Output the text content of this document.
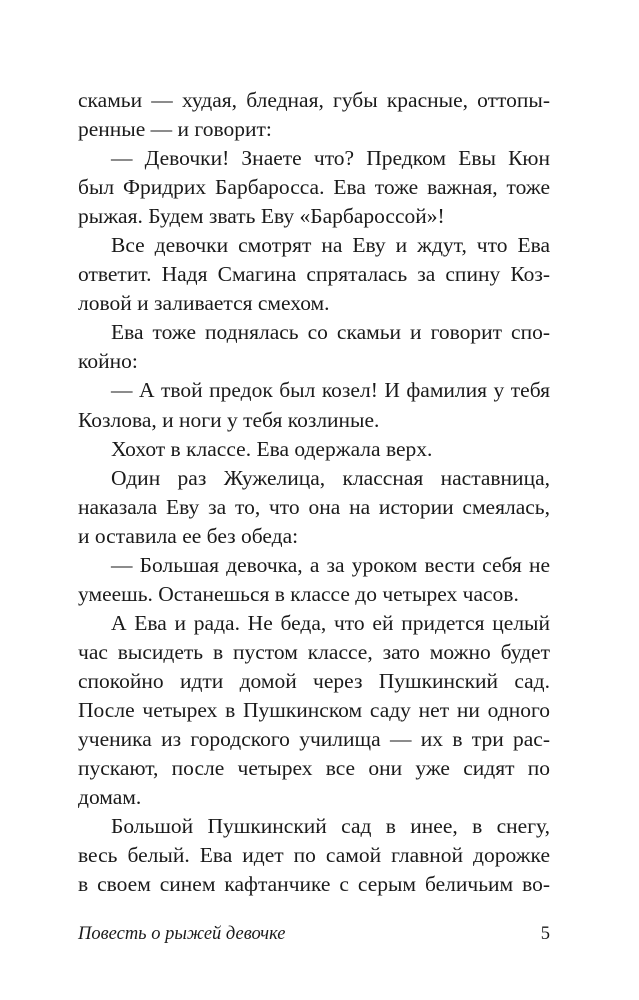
скамьи — худая, бледная, губы красные, оттопы-
ренные — и говорит:
— Девочки! Знаете что? Предком Евы Кюн
был Фридрих Барбаросса. Ева тоже важная, тоже
рыжая. Будем звать Еву «Барбароссой»!
Все девочки смотрят на Еву и ждут, что Ева
ответит. Надя Смагина спряталась за спину Коз-
ловой и заливается смехом.
Ева тоже поднялась со скамьи и говорит спо-
койно:
— А твой предок был козел! И фамилия у тебя
Козлова, и ноги у тебя козлиные.
Хохот в классе. Ева одержала верх.
Один раз Жужелица, классная наставница,
наказала Еву за то, что она на истории смеялась,
и оставила ее без обеда:
— Большая девочка, а за уроком вести себя не
умеешь. Останешься в классе до четырех часов.
А Ева и рада. Не беда, что ей придется целый
час высидеть в пустом классе, зато можно будет
спокойно идти домой через Пушкинский сад.
После четырех в Пушкинском саду нет ни одного
ученика из городского училища — их в три рас-
пускают, после четырех все они уже сидят по
домам.
Большой Пушкинский сад в инее, в снегу,
весь белый. Ева идет по самой главной дорожке
в своем синем кафтанчике с серым беличьим во-
Повесть о рыжей девочке	5
